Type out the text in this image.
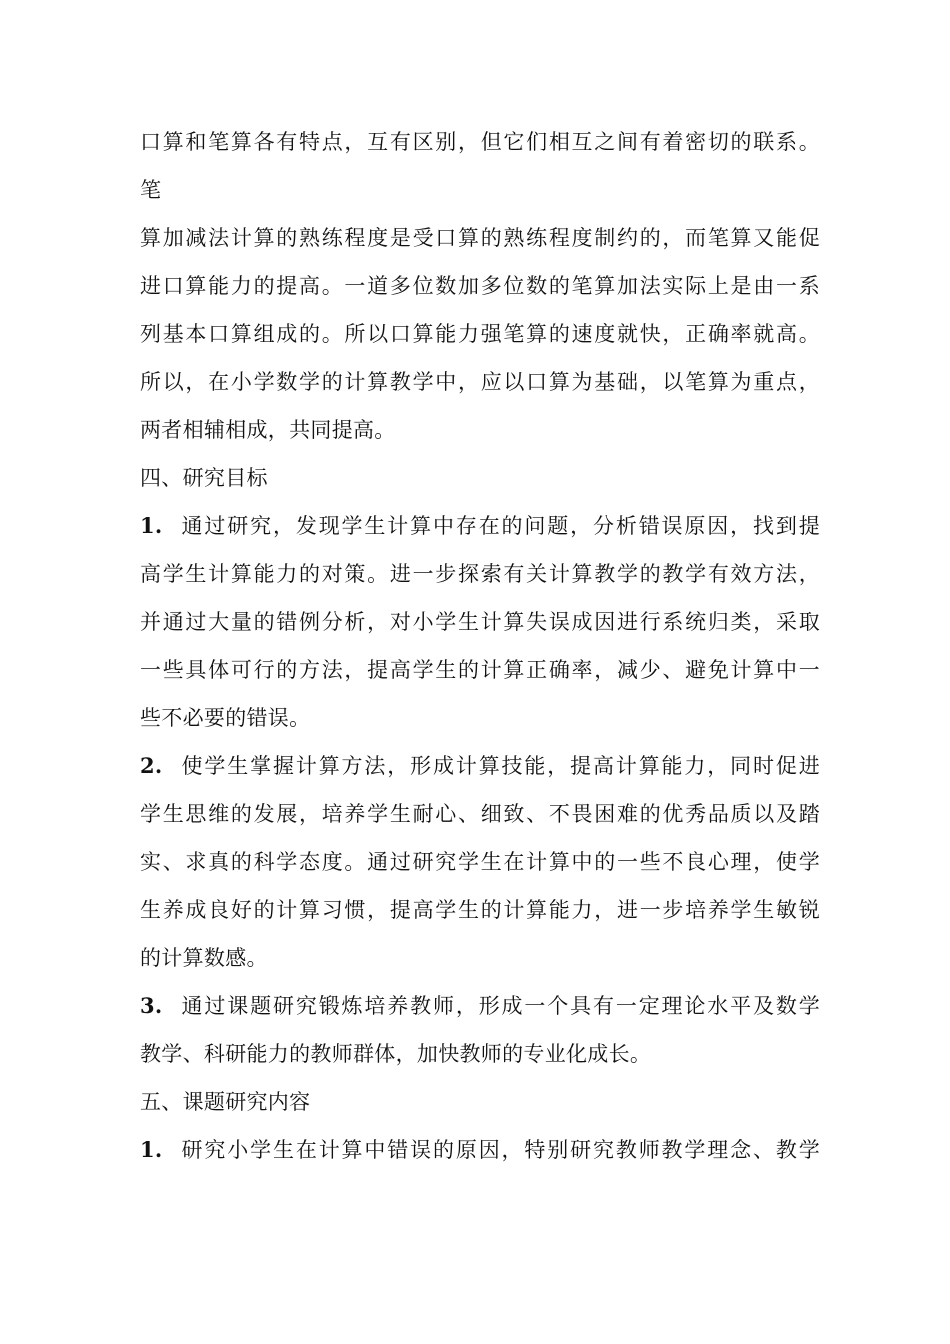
口算和笔算各有特点，互有区别，但它们相互之间有着密切的联系。
笔
算加减法计算的熟练程度是受口算的熟练程度制约的，而笔算又能促
进口算能力的提高。一道多位数加多位数的笔算加法实际上是由一系
列基本口算组成的。所以口算能力强笔算的速度就快，正确率就高。
所以，在小学数学的计算教学中，应以口算为基础，以笔算为重点，
两者相辅相成，共同提高。
四、研究目标
1. 通过研究，发现学生计算中存在的问题，分析错误原因，找到提
高学生计算能力的对策。进一步探索有关计算教学的教学有效方法，
并通过大量的错例分析，对小学生计算失误成因进行系统归类，采取
一些具体可行的方法，提高学生的计算正确率，减少、避免计算中一
些不必要的错误。
2. 使学生掌握计算方法，形成计算技能，提高计算能力，同时促进
学生思维的发展，培养学生耐心、细致、不畏困难的优秀品质以及踏
实、求真的科学态度。通过研究学生在计算中的一些不良心理，使学
生养成良好的计算习惯，提高学生的计算能力，进一步培养学生敏锐
的计算数感。
3. 通过课题研究锻炼培养教师，形成一个具有一定理论水平及数学
教学、科研能力的教师群体，加快教师的专业化成长。
五、课题研究内容
1. 研究小学生在计算中错误的原因，特别研究教师教学理念、教学
